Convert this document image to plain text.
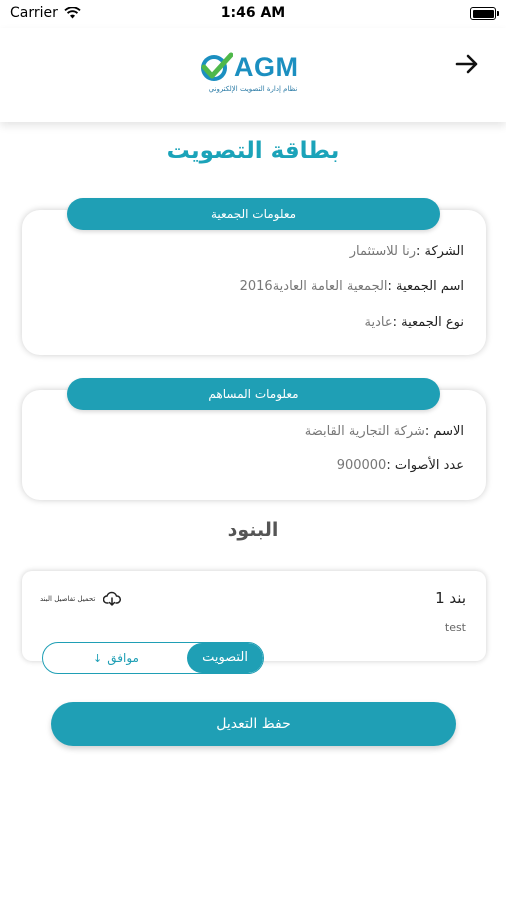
Carrier	1:46 AM
AGM
نظام إدارة التصويت الإلكتروني
بطاقة التصويت
الشركة :رنا للاستثمار
اسم الجمعية :الجمعية العامة العادية2016
نوع الجمعية :عادية
معلومات الجمعية
الاسم :شركة التجارية القابضة
عدد الأصوات :900000
معلومات المساهم
البنود
بند 1
test
تحميل تفاصيل البند
↓ موافق	التصويت
حفظ التعديل
